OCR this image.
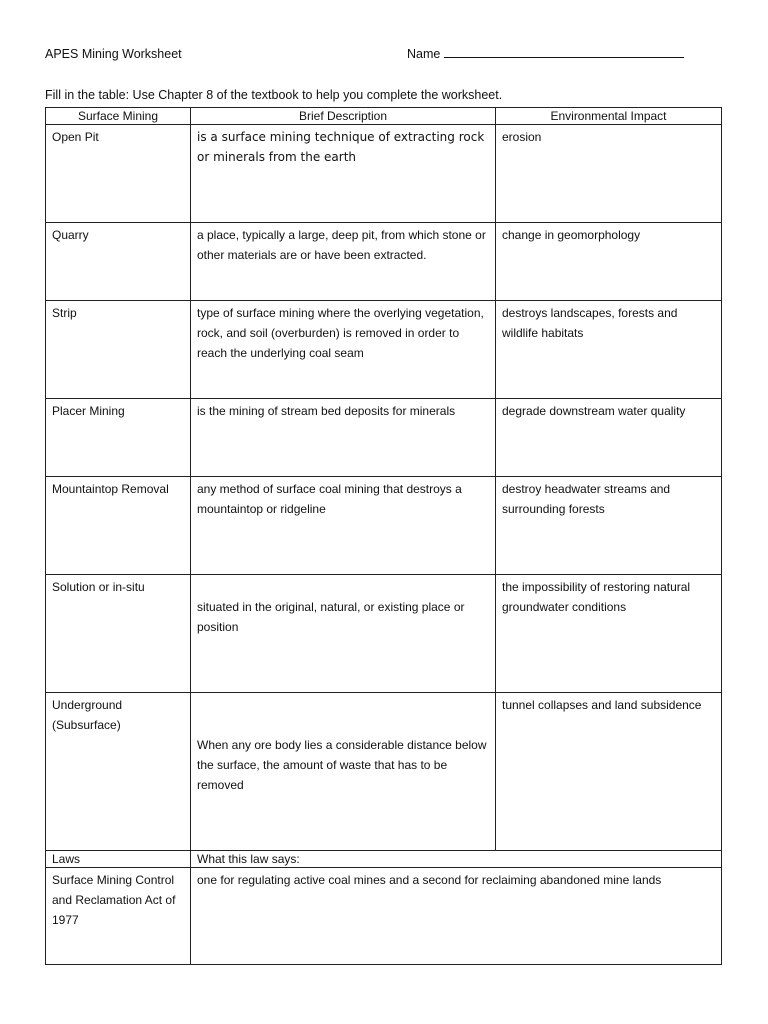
APES Mining Worksheet	Name
Fill in the table: Use Chapter 8 of the textbook to help you complete the worksheet.
Surface Mining	Brief Description	Environmental Impact
Open Pit	is a surface mining technique of extracting rock or minerals from the earth	erosion
Quarry	a place, typically a large, deep pit, from which stone or other materials are or have been extracted.	change in geomorphology
Strip	type of surface mining where the overlying vegetation, rock, and soil (overburden) is removed in order to reach the underlying coal seam	destroys landscapes, forests and wildlife habitats
Placer Mining	is the mining of stream bed deposits for minerals	degrade downstream water quality
Mountaintop Removal	any method of surface coal mining that destroys a mountaintop or ridgeline	destroy headwater streams and surrounding forests
Solution or in-situ	situated in the original, natural, or existing place or position	the impossibility of restoring natural groundwater conditions
Underground (Subsurface)	When any ore body lies a considerable distance below the surface, the amount of waste that has to be removed	tunnel collapses and land subsidence
Laws	What this law says:	
Surface Mining Control and Reclamation Act of 1977	one for regulating active coal mines and a second for reclaiming abandoned mine lands	
